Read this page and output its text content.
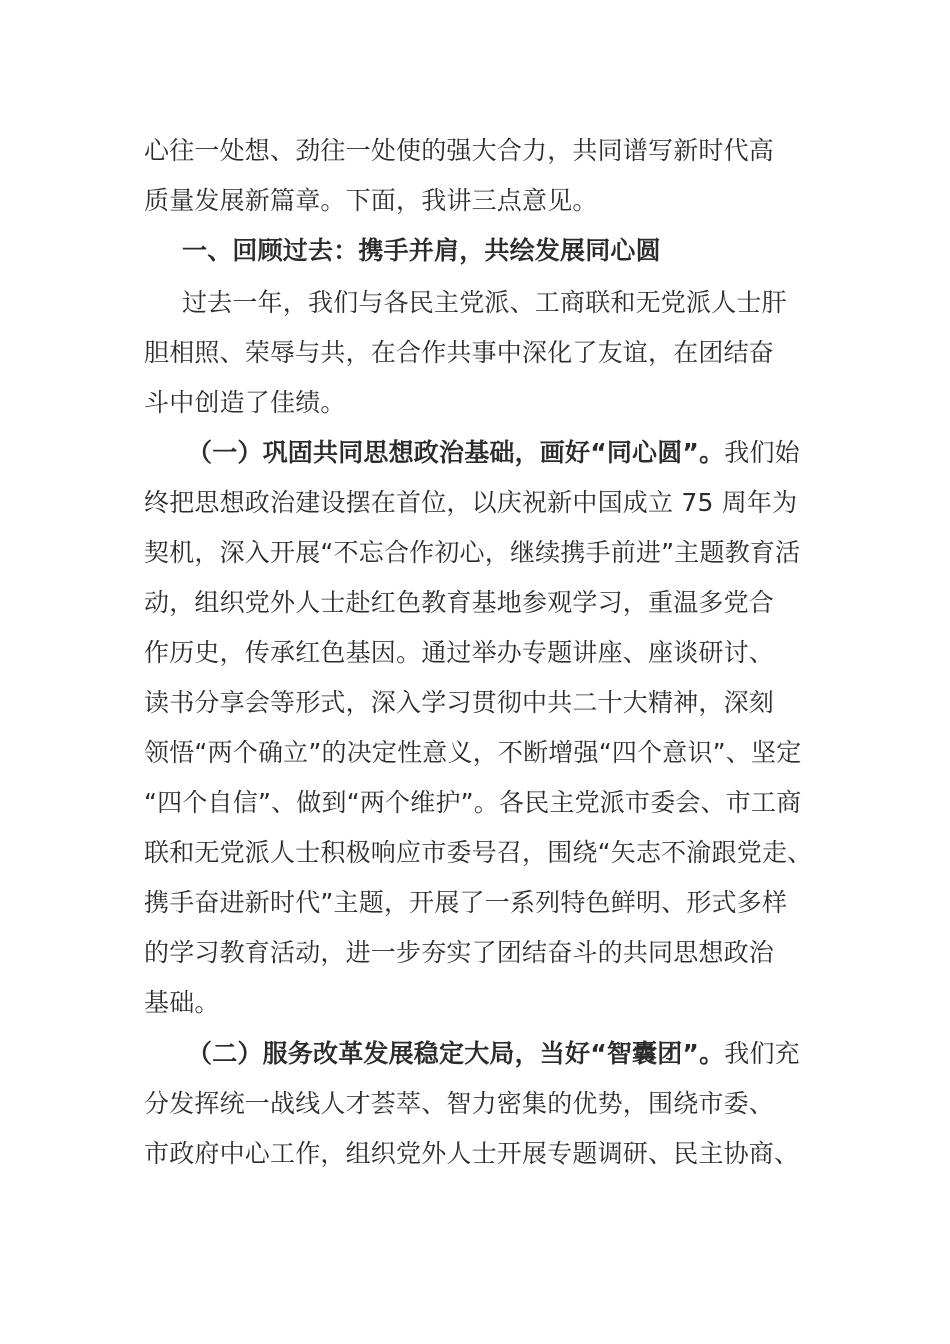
心往一处想、劲往一处使的强大合力，共同谱写新时代高
质量发展新篇章。下面，我讲三点意见。
一、回顾过去：携手并肩，共绘发展同心圆
过去一年，我们与各民主党派、工商联和无党派人士肝
胆相照、荣辱与共，在合作共事中深化了友谊，在团结奋
斗中创造了佳绩。
（一）巩固共同思想政治基础，画好“同心圆”。我们始
终把思想政治建设摆在首位，以庆祝新中国成立 75 周年为
契机，深入开展“不忘合作初心，继续携手前进”主题教育活
动，组织党外人士赴红色教育基地参观学习，重温多党合
作历史，传承红色基因。通过举办专题讲座、座谈研讨、
读书分享会等形式，深入学习贯彻中共二十大精神，深刻
领悟“两个确立”的决定性意义，不断增强“四个意识”、坚定
“四个自信”、做到“两个维护”。各民主党派市委会、市工商
联和无党派人士积极响应市委号召，围绕“矢志不渝跟党走、
携手奋进新时代”主题，开展了一系列特色鲜明、形式多样
的学习教育活动，进一步夯实了团结奋斗的共同思想政治
基础。
（二）服务改革发展稳定大局，当好“智囊团”。我们充
分发挥统一战线人才荟萃、智力密集的优势，围绕市委、
市政府中心工作，组织党外人士开展专题调研、民主协商、
